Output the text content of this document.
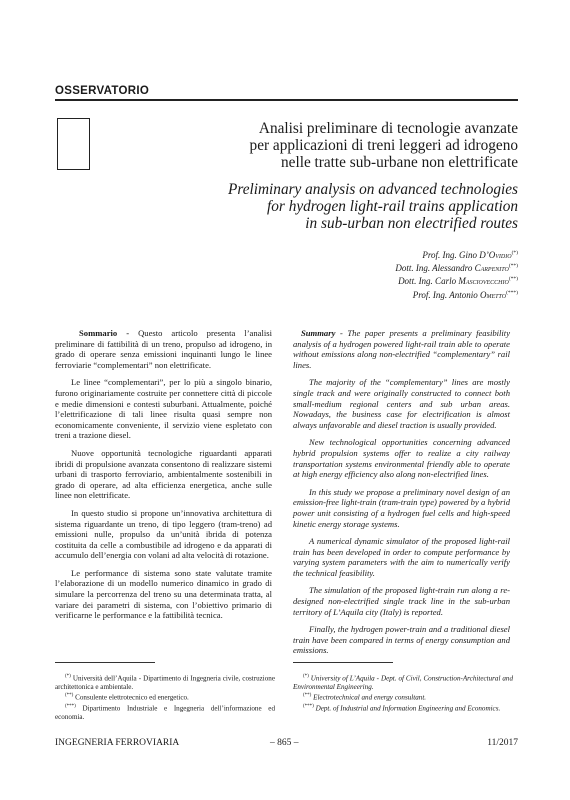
OSSERVATORIO
Analisi preliminare di tecnologie avanzate
per applicazioni di treni leggeri ad idrogeno
nelle tratte sub-urbane non elettrificate
Preliminary analysis on advanced technologies
for hydrogen light-rail trains application
in sub-urban non electrified routes
Prof. Ing. Gino D’Ovidio(*)
Dott. Ing. Alessandro Carpenito(**)
Dott. Ing. Carlo Masciovecchio(**)
Prof. Ing. Antonio Ometto(***)

Sommario - Questo articolo presenta l’analisi preliminare di fattibilità di un treno, propulso ad idrogeno, in grado di operare senza emissioni inquinanti lungo le linee ferroviarie “complementari” non elettrificate.

Le linee “complementari”, per lo più a singolo binario, furono originariamente costruite per connettere città di piccole e medie dimensioni e contesti suburbani. Attualmente, poiché l’elettrificazione di tali linee risulta quasi sempre non economicamente conveniente, il servizio viene espletato con treni a trazione diesel.

Nuove opportunità tecnologiche riguardanti apparati ibridi di propulsione avanzata consentono di realizzare sistemi urbani di trasporto ferroviario, ambientalmente sostenibili in grado di operare, ad alta efficienza energetica, anche sulle linee non elettrificate.

In questo studio si propone un’innovativa architettura di sistema riguardante un treno, di tipo leggero (tram-treno) ad emissioni nulle, propulso da un’unità ibrida di potenza costituita da celle a combustibile ad idrogeno e da apparati di accumulo dell’energia con volani ad alta velocità di rotazione.

Le performance di sistema sono state valutate tramite l’elaborazione di un modello numerico dinamico in grado di simulare la percorrenza del treno su una determinata tratta, al variare dei parametri di sistema, con l’obiettivo primario di verificarne le performance e la fattibilità tecnica.

Summary - The paper presents a preliminary feasibility analysis of a hydrogen powered light-rail train able to operate without emissions along non-electrified “complementary” rail lines.

The majority of the “complementary” lines are mostly single track and were originally constructed to connect both small-medium regional centers and sub urban areas. Nowadays, the business case for electrification is almost always unfavorable and diesel traction is usually provided.

New technological opportunities concerning advanced hybrid propulsion systems offer to realize a city railway transportation systems environmental friendly able to operate at high energy efficiency also along non-electrified lines.

In this study we propose a preliminary novel design of an emission-free light-train (tram-train type) powered by a hybrid power unit consisting of a hydrogen fuel cells and high-speed kinetic energy storage systems.

A numerical dynamic simulator of the proposed light-rail train has been developed in order to compute performance by varying system parameters with the aim to numerically verify the technical feasibility.

The simulation of the proposed light-train run along a re-designed non-electrified single track line in the sub-urban territory of L’Aquila city (Italy) is reported.

Finally, the hydrogen power-train and a traditional diesel train have been compared in terms of energy consumption and emissions.

(*) Università dell’Aquila - Dipartimento di Ingegneria civile, costruzione architettonica e ambientale.

(**) Consulente elettrotecnico ed energetico.

(***) Dipartimento Industriale e Ingegneria dell’informazione ed economia.

(*) University of L’Aquila - Dept. of Civil, Construction-Architectural and Environmental Engineering.

(**) Electrotechnical and energy consultant.

(***) Dept. of Industrial and Information Engineering and Economics.

INGEGNERIA FERROVIARIA	– 865 –	11/2017
